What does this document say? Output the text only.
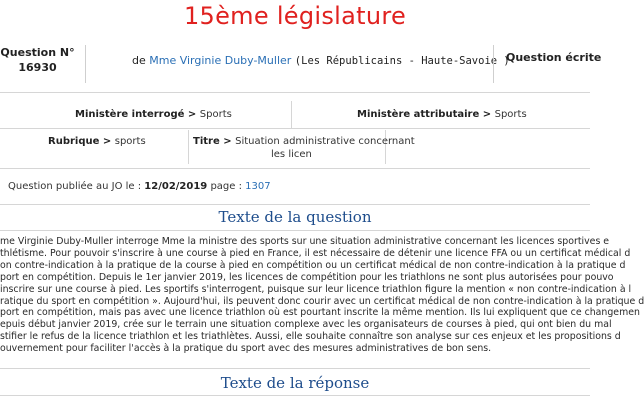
15ème législature
Question N°
16930
de Mme Virginie Duby-Muller (Les Républicains - Haute-Savoie )
Question écrite
Ministère interrogé > Sports	Ministère attributaire > Sports
Rubrique > sports	Titre > Situation administrative concernant
les licen
Question publiée au JO le : 12/02/2019 page : 1307
Texte de la question
me Virginie Duby-Muller interroge Mme la ministre des sports sur une situation administrative concernant les licences sportives e
thlétisme. Pour pouvoir s'inscrire à une course à pied en France, il est nécessaire de détenir une licence FFA ou un certificat médical d
on contre-indication à la pratique de la course à pied en compétition ou un certificat médical de non contre-indication à la pratique d
port en compétition. Depuis le 1er janvier 2019, les licences de compétition pour les triathlons ne sont plus autorisées pour pouvo
inscrire sur une course à pied. Les sportifs s'interrogent, puisque sur leur licence triathlon figure la mention « non contre-indication à l
ratique du sport en compétition ». Aujourd'hui, ils peuvent donc courir avec un certificat médical de non contre-indication à la pratique d
port en compétition, mais pas avec une licence triathlon où est pourtant inscrite la même mention. Ils lui expliquent que ce changemen
epuis début janvier 2019, crée sur le terrain une situation complexe avec les organisateurs de courses à pied, qui ont bien du mal
stifier le refus de la licence triathlon et les triathlètes. Aussi, elle souhaite connaître son analyse sur ces enjeux et les propositions d
ouvernement pour faciliter l'accès à la pratique du sport avec des mesures administratives de bon sens.
Texte de la réponse
